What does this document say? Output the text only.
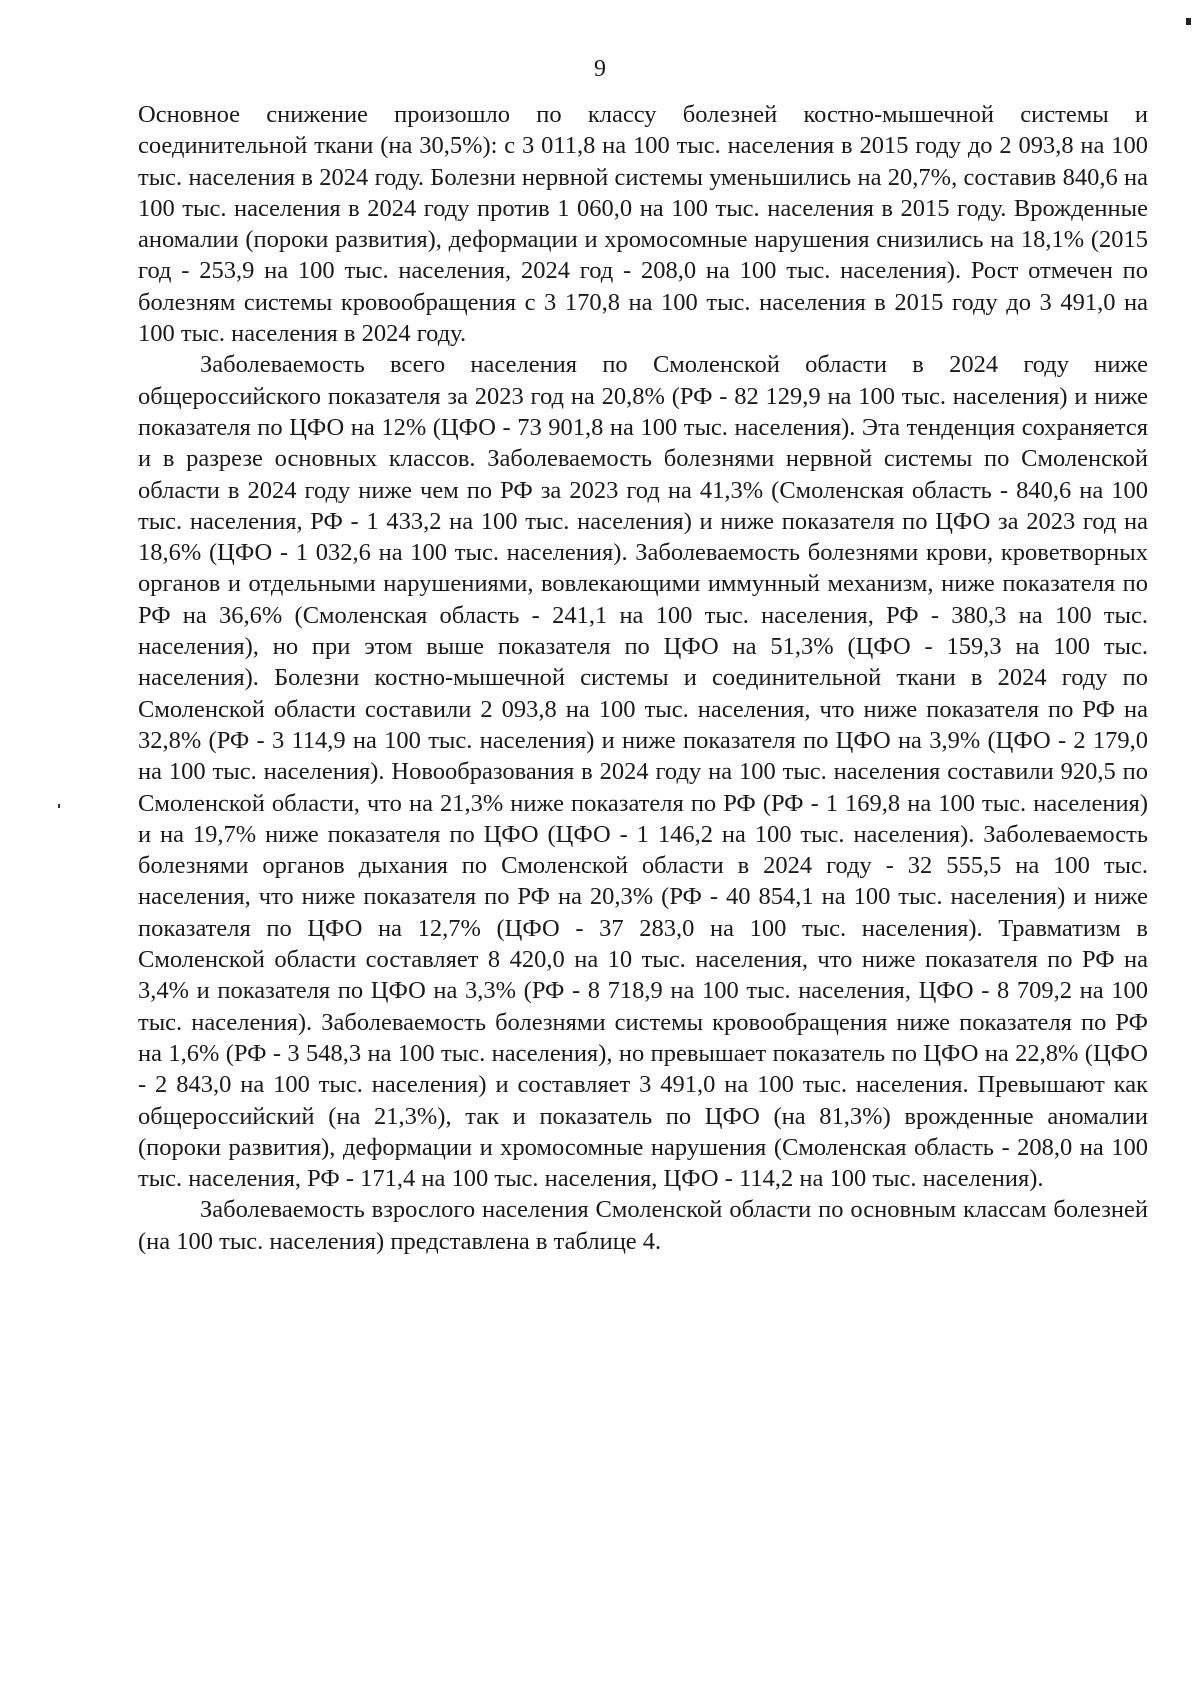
9

Основное снижение произошло по классу болезней костно-мышечной системы и соединительной ткани (на 30,5%): с 3 011,8 на 100 тыс. населения в 2015 году до 2 093,8 на 100 тыс. населения в 2024 году. Болезни нервной системы уменьшились на 20,7%, составив 840,6 на 100 тыс. населения в 2024 году против 1 060,0 на 100 тыс. населения в 2015 году. Врожденные аномалии (пороки развития), деформации и хромосомные нарушения снизились на 18,1% (2015 год - 253,9 на 100 тыс. населения, 2024 год - 208,0 на 100 тыс. населения). Рост отмечен по болезням системы кровообращения с 3 170,8 на 100 тыс. населения в 2015 году до 3 491,0 на 100 тыс. населения в 2024 году.

Заболеваемость всего населения по Смоленской области в 2024 году ниже общероссийского показателя за 2023 год на 20,8% (РФ - 82 129,9 на 100 тыс. населения) и ниже показателя по ЦФО на 12% (ЦФО - 73 901,8 на 100 тыс. населения). Эта тенденция сохраняется и в разрезе основных классов. Заболеваемость болезнями нервной системы по Смоленской области в 2024 году ниже чем по РФ за 2023 год на 41,3% (Смоленская область - 840,6 на 100 тыс. населения, РФ - 1 433,2 на 100 тыс. населения) и ниже показателя по ЦФО за 2023 год на 18,6% (ЦФО - 1 032,6 на 100 тыс. населения). Заболеваемость болезнями крови, кроветворных органов и отдельными нарушениями, вовлекающими иммунный механизм, ниже показателя по РФ на 36,6% (Смоленская область - 241,1 на 100 тыс. населения, РФ - 380,3 на 100 тыс. населения), но при этом выше показателя по ЦФО на 51,3% (ЦФО - 159,3 на 100 тыс. населения). Болезни костно-мышечной системы и соединительной ткани в 2024 году по Смоленской области составили 2 093,8 на 100 тыс. населения, что ниже показателя по РФ на 32,8% (РФ - 3 114,9 на 100 тыс. населения) и ниже показателя по ЦФО на 3,9% (ЦФО - 2 179,0 на 100 тыс. населения). Новообразования в 2024 году на 100 тыс. населения составили 920,5 по Смоленской области, что на 21,3% ниже показателя по РФ (РФ - 1 169,8 на 100 тыс. населения) и на 19,7% ниже показателя по ЦФО (ЦФО - 1 146,2 на 100 тыс. населения). Заболеваемость болезнями органов дыхания по Смоленской области в 2024 году - 32 555,5 на 100 тыс. населения, что ниже показателя по РФ на 20,3% (РФ - 40 854,1 на 100 тыс. населения) и ниже показателя по ЦФО на 12,7% (ЦФО - 37 283,0 на 100 тыс. населения). Травматизм в Смоленской области составляет 8 420,0 на 10 тыс. населения, что ниже показателя по РФ на 3,4% и показателя по ЦФО на 3,3% (РФ - 8 718,9 на 100 тыс. населения, ЦФО - 8 709,2 на 100 тыс. населения). Заболеваемость болезнями системы кровообращения ниже показателя по РФ на 1,6% (РФ - 3 548,3 на 100 тыс. населения), но превышает показатель по ЦФО на 22,8% (ЦФО - 2 843,0 на 100 тыс. населения) и составляет 3 491,0 на 100 тыс. населения. Превышают как общероссийский (на 21,3%), так и показатель по ЦФО (на 81,3%) врожденные аномалии (пороки развития), деформации и хромосомные нарушения (Смоленская область - 208,0 на 100 тыс. населения, РФ - 171,4 на 100 тыс. населения, ЦФО - 114,2 на 100 тыс. населения).

Заболеваемость взрослого населения Смоленской области по основным классам болезней (на 100 тыс. населения) представлена в таблице 4.
